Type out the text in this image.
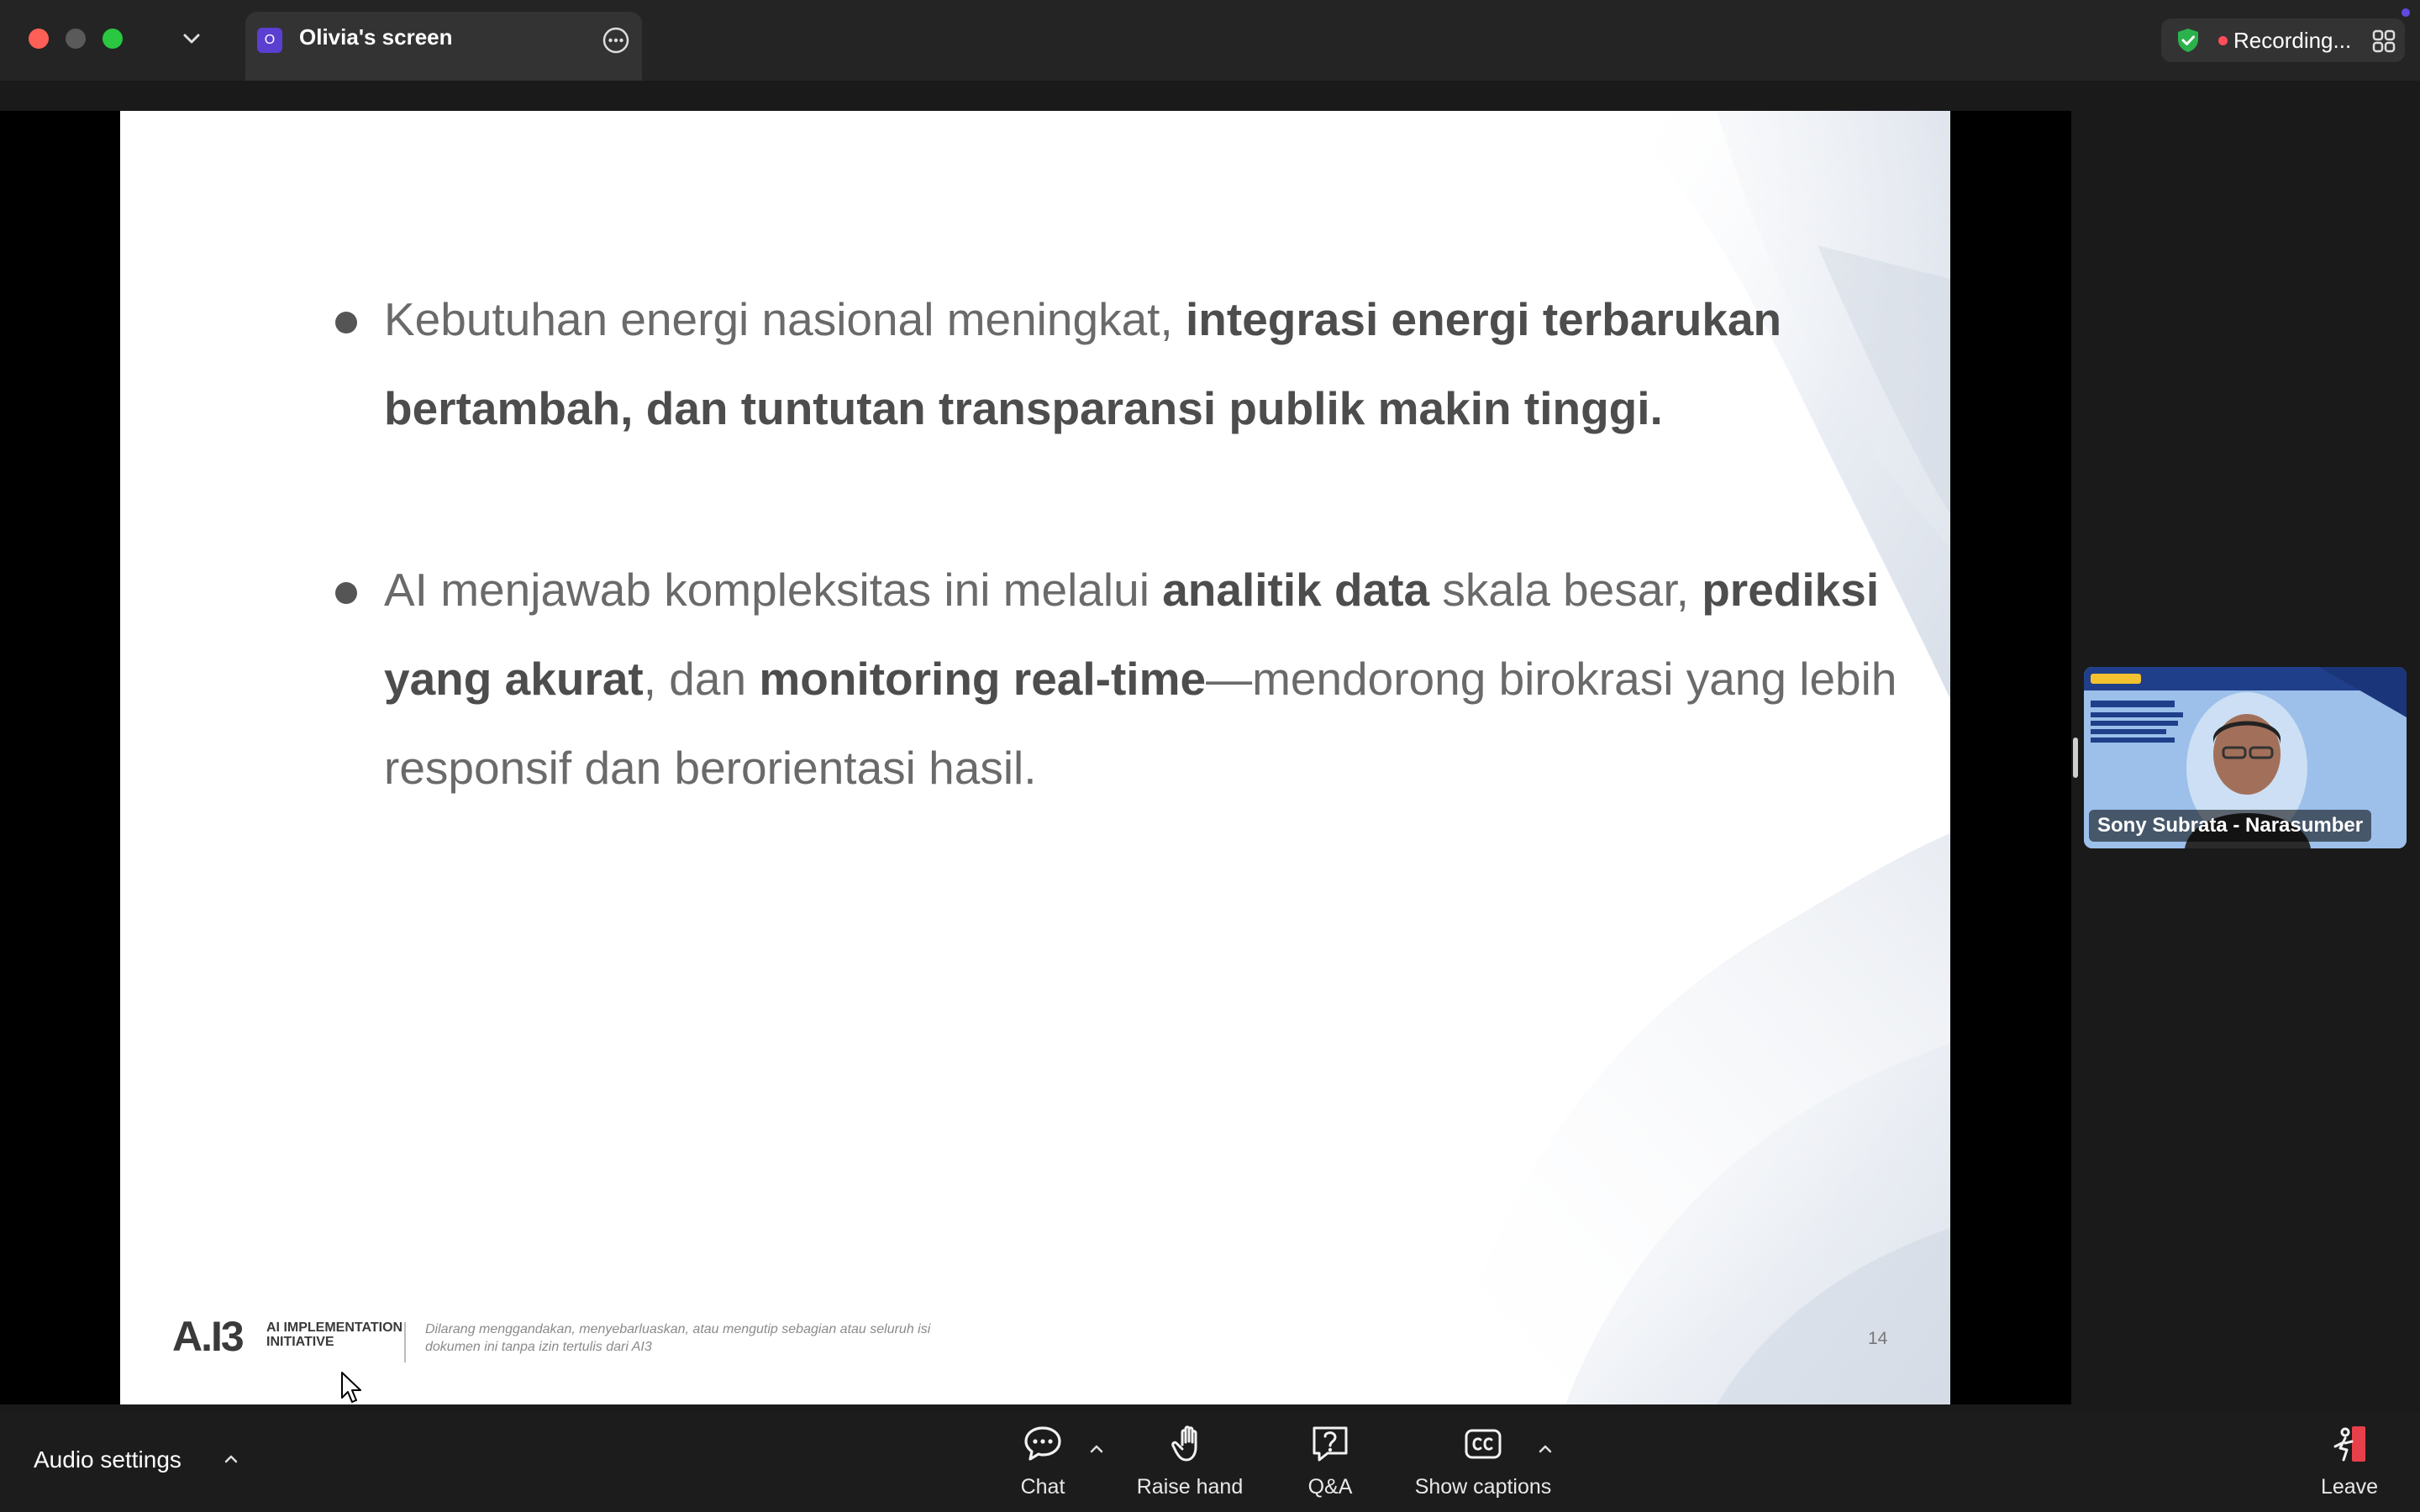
O	Olivia's screen	Recording...
Kebutuhan energi nasional meningkat, integrasi energi terbarukan bertambah, dan tuntutan transparansi publik makin tinggi.
AI menjawab kompleksitas ini melalui analitik data skala besar, prediksi yang akurat, dan monitoring real-time—mendorong birokrasi yang lebih responsif dan berorientasi hasil.
A.I3 AI IMPLEMENTATION INITIATIVE
Dilarang menggandakan, menyebarluaskan, atau mengutip sebagian atau seluruh isi dokumen ini tanpa izin tertulis dari AI3	14
Sony Subrata - Narasumber
Audio settings
Chat	Raise hand	Q&A	Show captions	Leave
